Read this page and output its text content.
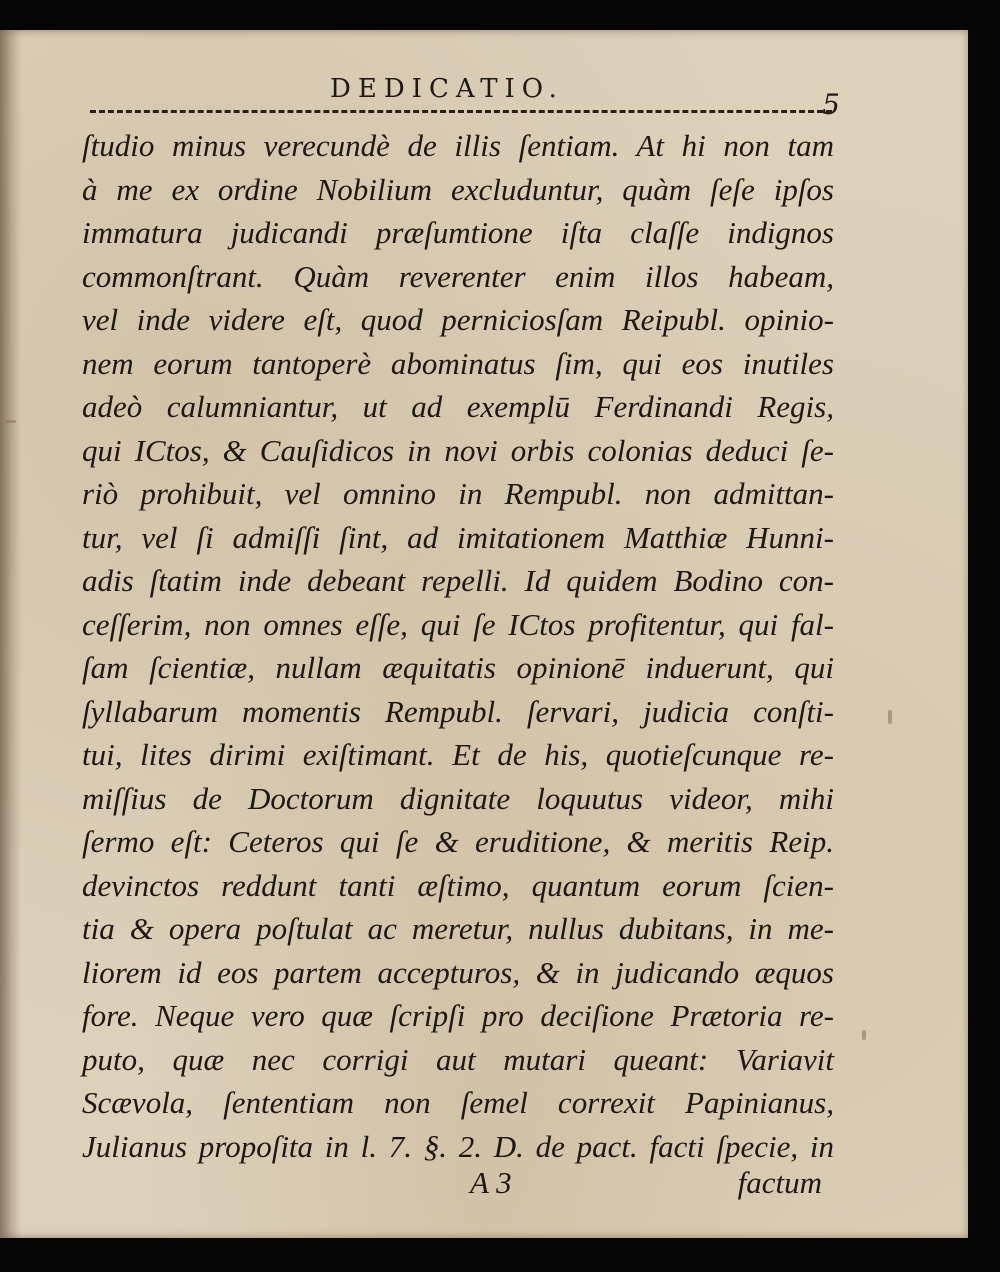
DEDICATIO.	5
ſtudio minus verecundè de illis ſentiam. At hi non tam
à me ex ordine Nobilium excluduntur, quàm ſeſe ipſos
immatura judicandi præſumtione iſta claſſe indignos
commonſtrant. Quàm reverenter enim illos habeam,
vel inde videre eſt, quod perniciosſam Reipubl. opinio-
nem eorum tantoperè abominatus ſim, qui eos inutiles
adeò calumniantur, ut ad exemplū Ferdinandi Regis,
qui ICtos, & Cauſidicos in novi orbis colonias deduci ſe-
riò prohibuit, vel omnino in Rempubl. non admittan-
tur, vel ſi admiſſi ſint, ad imitationem Matthiæ Hunni-
adis ſtatim inde debeant repelli. Id quidem Bodino con-
ceſſerim, non omnes eſſe, qui ſe ICtos profitentur, qui fal-
ſam ſcientiæ, nullam æquitatis opinionē induerunt, qui
ſyllabarum momentis Rempubl. ſervari, judicia conſti-
tui, lites dirimi exiſtimant. Et de his, quotieſcunque re-
miſſius de Doctorum dignitate loquutus videor, mihi
ſermo eſt: Ceteros qui ſe & eruditione, & meritis Reip.
devinctos reddunt tanti æſtimo, quantum eorum ſcien-
tia & opera poſtulat ac meretur, nullus dubitans, in me-
liorem id eos partem accepturos, & in judicando æquos
fore. Neque vero quæ ſcripſi pro deciſione Prætoria re-
puto, quæ nec corrigi aut mutari queant: Variavit
Scævola, ſententiam non ſemel correxit Papinianus,
Julianus propoſita in l. 7. §. 2. D. de pact. facti ſpecie, in
A 3	factum
